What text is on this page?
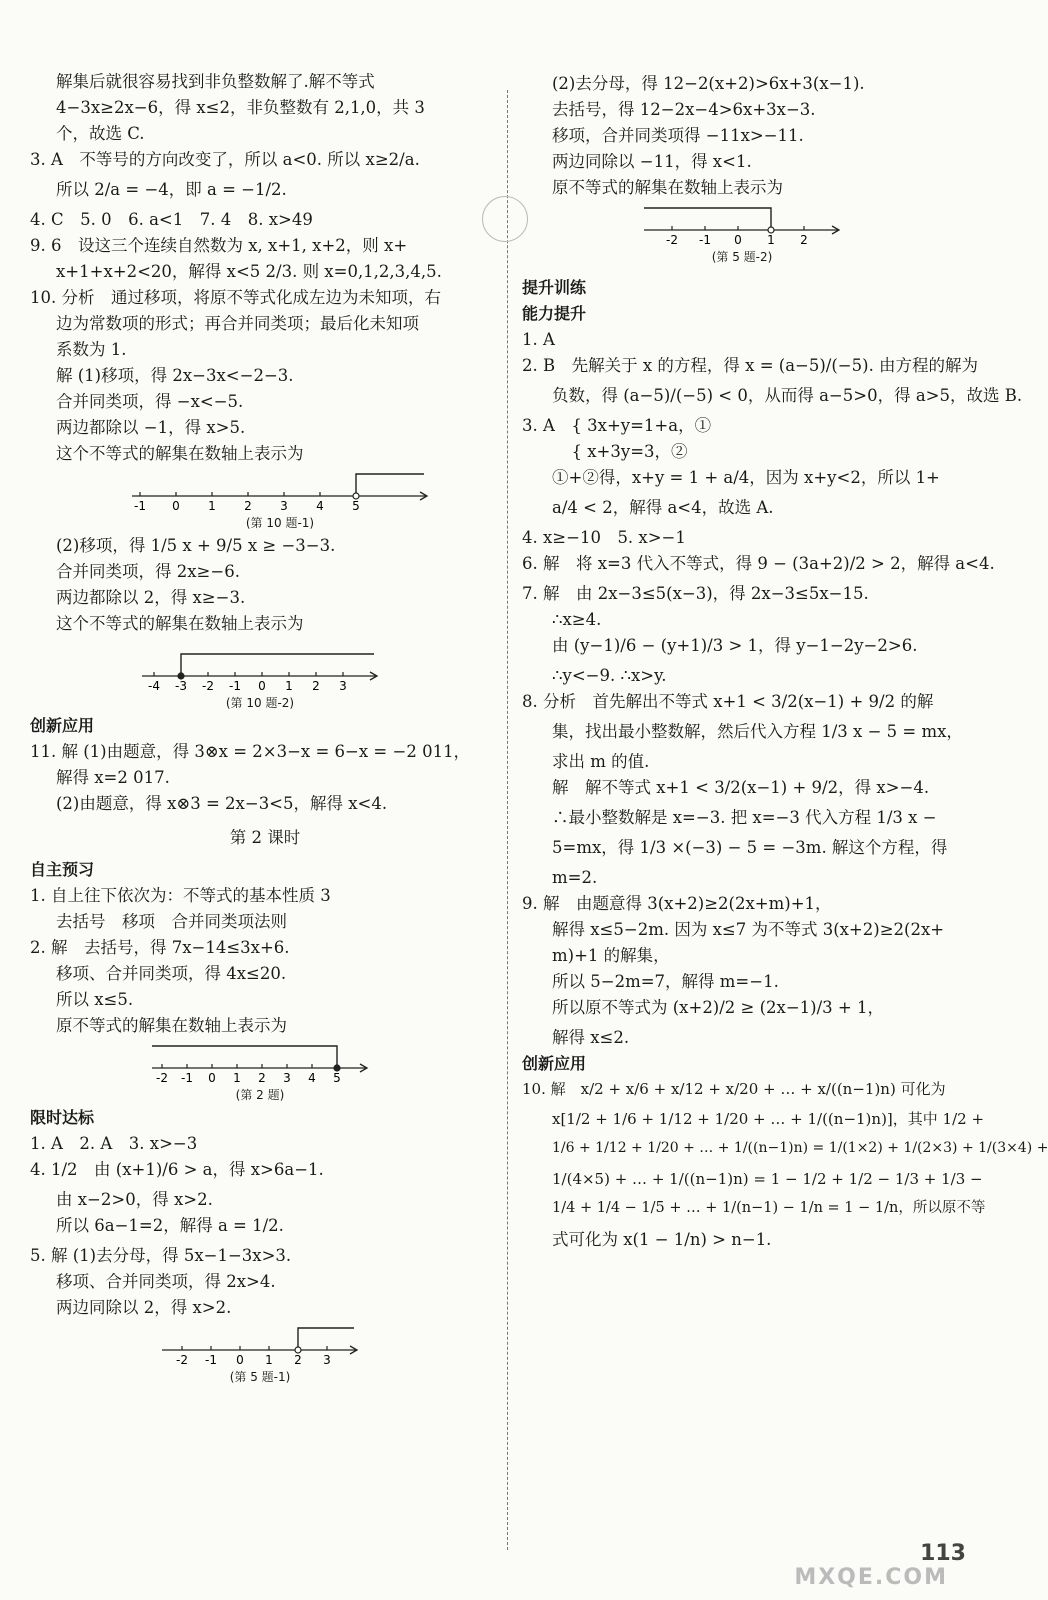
解集后就很容易找到非负整数解了.解不等式
4−3x≥2x−6，得 x≤2，非负整数有 2,1,0，共 3
个，故选 C.
3. A　不等号的方向改变了，所以 a<0. 所以 x≥2/a.
所以 2/a = −4，即 a = −1/2.
4. C　5. 0　6. a<1　7. 4　8. x>49
9. 6　设这三个连续自然数为 x, x+1, x+2，则 x+
x+1+x+2<20，解得 x<5 2/3. 则 x=0,1,2,3,4,5.
10. 分析　通过移项，将原不等式化成左边为未知项，右
边为常数项的形式；再合并同类项；最后化未知项
系数为 1.
解 (1)移项，得 2x−3x<−2−3.
合并同类项，得 −x<−5.
两边都除以 −1，得 x>5.
这个不等式的解集在数轴上表示为
-1 0 1 2 3 4 5
(第 10 题-1)
(2)移项，得 1/5 x + 9/5 x ≥ −3−3.
合并同类项，得 2x≥−6.
两边都除以 2，得 x≥−3.
这个不等式的解集在数轴上表示为
-4 -3 -2 -1 0 1 2 3
(第 10 题-2)
创新应用
11. 解 (1)由题意，得 3⊗x = 2×3−x = 6−x = −2 011，
解得 x=2 017.
(2)由题意，得 x⊗3 = 2x−3<5，解得 x<4.
第 2 课时
自主预习
1. 自上往下依次为：不等式的基本性质 3
去括号　移项　合并同类项法则
2. 解　去括号，得 7x−14≤3x+6.
移项、合并同类项，得 4x≤20.
所以 x≤5.
原不等式的解集在数轴上表示为
-2 -1 0 1 2 3 4 5
(第 2 题)
限时达标
1. A　2. A　3. x>−3
4. 1/2　由 (x+1)/6 > a，得 x>6a−1.
由 x−2>0，得 x>2.
所以 6a−1=2，解得 a = 1/2.
5. 解 (1)去分母，得 5x−1−3x>3.
移项、合并同类项，得 2x>4.
两边同除以 2，得 x>2.
-2 -1 0 1 2 3
(第 5 题-1)
(2)去分母，得 12−2(x+2)>6x+3(x−1).
去括号，得 12−2x−4>6x+3x−3.
移项，合并同类项得 −11x>−11.
两边同除以 −11，得 x<1.
原不等式的解集在数轴上表示为
-2 -1 0 1 2
(第 5 题-2)
提升训练
能力提升
1. A
2. B　先解关于 x 的方程，得 x = (a−5)/(−5). 由方程的解为
负数，得 (a−5)/(−5) < 0，从而得 a−5>0，得 a>5，故选 B.
3. A　{ 3x+y=1+a，①
　　　{ x+3y=3，②
①+②得，x+y = 1 + a/4，因为 x+y<2，所以 1+
a/4 < 2，解得 a<4，故选 A.
4. x≥−10　5. x>−1
6. 解　将 x=3 代入不等式，得 9 − (3a+2)/2 > 2，解得 a<4.
7. 解　由 2x−3≤5(x−3)，得 2x−3≤5x−15.
∴x≥4.
由 (y−1)/6 − (y+1)/3 > 1，得 y−1−2y−2>6.
∴y<−9. ∴x>y.
8. 分析　首先解出不等式 x+1 < 3/2(x−1) + 9/2 的解
集，找出最小整数解，然后代入方程 1/3 x − 5 = mx，
求出 m 的值.
解　解不等式 x+1 < 3/2(x−1) + 9/2，得 x>−4.
∴最小整数解是 x=−3. 把 x=−3 代入方程 1/3 x −
5=mx，得 1/3 ×(−3) − 5 = −3m. 解这个方程，得
m=2.
9. 解　由题意得 3(x+2)≥2(2x+m)+1，
解得 x≤5−2m. 因为 x≤7 为不等式 3(x+2)≥2(2x+
m)+1 的解集，
所以 5−2m=7，解得 m=−1.
所以原不等式为 (x+2)/2 ≥ (2x−1)/3 + 1，
解得 x≤2.
创新应用
10. 解　x/2 + x/6 + x/12 + x/20 + … + x/((n−1)n) 可化为
x[1/2 + 1/6 + 1/12 + 1/20 + … + 1/((n−1)n)]，其中 1/2 +
1/6 + 1/12 + 1/20 + … + 1/((n−1)n) = 1/(1×2) + 1/(2×3) + 1/(3×4) +
1/(4×5) + … + 1/((n−1)n) = 1 − 1/2 + 1/2 − 1/3 + 1/3 −
1/4 + 1/4 − 1/5 + … + 1/(n−1) − 1/n = 1 − 1/n，所以原不等
式可化为 x(1 − 1/n) > n−1.
MXQE.COM
113
